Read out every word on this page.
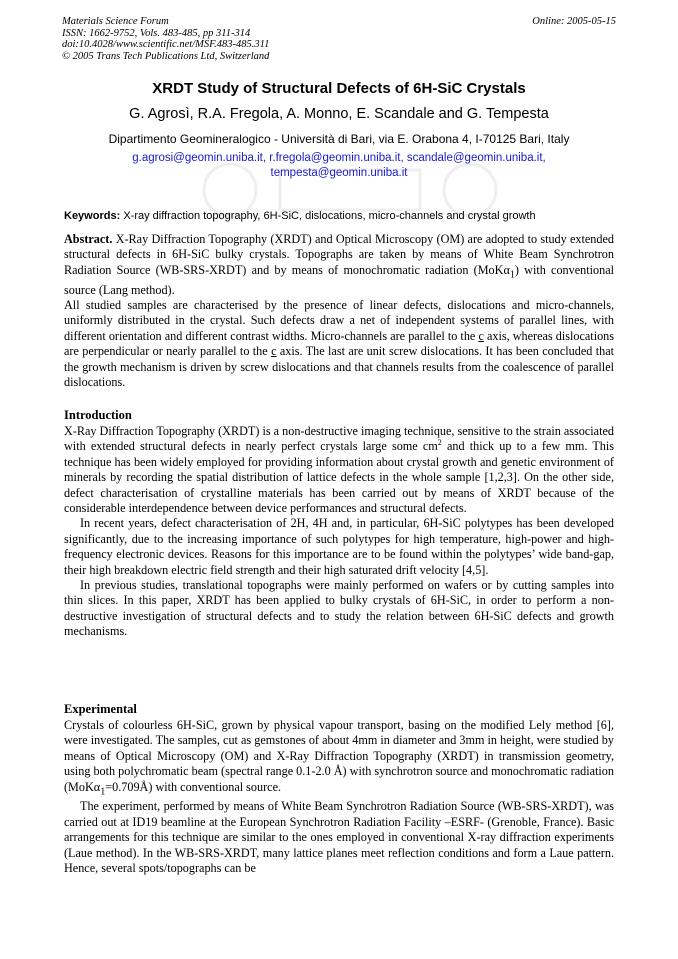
Materials Science Forum
ISSN: 1662-9752, Vols. 483-485, pp 311-314
doi:10.4028/www.scientific.net/MSF.483-485.311
© 2005 Trans Tech Publications Ltd, Switzerland
Online: 2005-05-15
XRDT Study of Structural Defects of 6H-SiC Crystals
G. Agrosì, R.A. Fregola, A. Monno, E. Scandale and G. Tempesta
Dipartimento Geomineralogico - Università di Bari, via E. Orabona 4, I-70125 Bari, Italy
g.agrosi@geomin.uniba.it, r.fregola@geomin.uniba.it, scandale@geomin.uniba.it,
tempesta@geomin.uniba.it
Keywords: X-ray diffraction topography, 6H-SiC, dislocations, micro-channels and crystal growth

Abstract. X-Ray Diffraction Topography (XRDT) and Optical Microscopy (OM) are adopted to study extended structural defects in 6H-SiC bulky crystals. Topographs are taken by means of White Beam Synchrotron Radiation Source (WB-SRS-XRDT) and by means of monochromatic radiation (MoKα$_1$) with conventional source (Lang method).

All studied samples are characterised by the presence of linear defects, dislocations and micro-channels, uniformly distributed in the crystal. Such defects draw a net of independent systems of parallel lines, with different orientation and different contrast widths. Micro-channels are parallel to the c axis, whereas dislocations are perpendicular or nearly parallel to the c axis. The last are unit screw dislocations. It has been concluded that the growth mechanism is driven by screw dislocations and that channels results from the coalescence of parallel dislocations.

Introduction

X-Ray Diffraction Topography (XRDT) is a non-destructive imaging technique, sensitive to the strain associated with extended structural defects in nearly perfect crystals large some $cm^2$ and thick up to a few mm. This technique has been widely employed for providing information about crystal growth and genetic environment of minerals by recording the spatial distribution of lattice defects in the whole sample [1,2,3]. On the other side, defect characterisation of crystalline materials has been carried out by means of XRDT because of the considerable interdependence between device performances and structural defects.

In recent years, defect characterisation of 2H, 4H and, in particular, 6H-SiC polytypes has been developed significantly, due to the increasing importance of such polytypes for high temperature, high-power and high-frequency electronic devices. Reasons for this importance are to be found within the polytypes’ wide band-gap, their high breakdown electric field strength and their high saturated drift velocity [4,5].

In previous studies, translational topographs were mainly performed on wafers or by cutting samples into thin slices. In this paper, XRDT has been applied to bulky crystals of 6H-SiC, in order to perform a non-destructive investigation of structural defects and to study the relation between 6H-SiC defects and growth mechanisms.

Experimental

Crystals of colourless 6H-SiC, grown by physical vapour transport, basing on the modified Lely method [6], were investigated. The samples, cut as gemstones of about 4mm in diameter and 3mm in height, were studied by means of Optical Microscopy (OM) and X-Ray Diffraction Topography (XRDT) in transmission geometry, using both polychromatic beam (spectral range 0.1-2.0 Å) with synchrotron source and monochromatic radiation (MoKα$_1$=0.709Å) with conventional source.

The experiment, performed by means of White Beam Synchrotron Radiation Source (WB-SRS-XRDT), was carried out at ID19 beamline at the European Synchrotron Radiation Facility –ESRF- (Grenoble, France). Basic arrangements for this technique are similar to the ones employed in conventional X-ray diffraction experiments (Laue method). In the WB-SRS-XRDT, many lattice planes meet reflection conditions and form a Laue pattern. Hence, several spots/topographs can be
